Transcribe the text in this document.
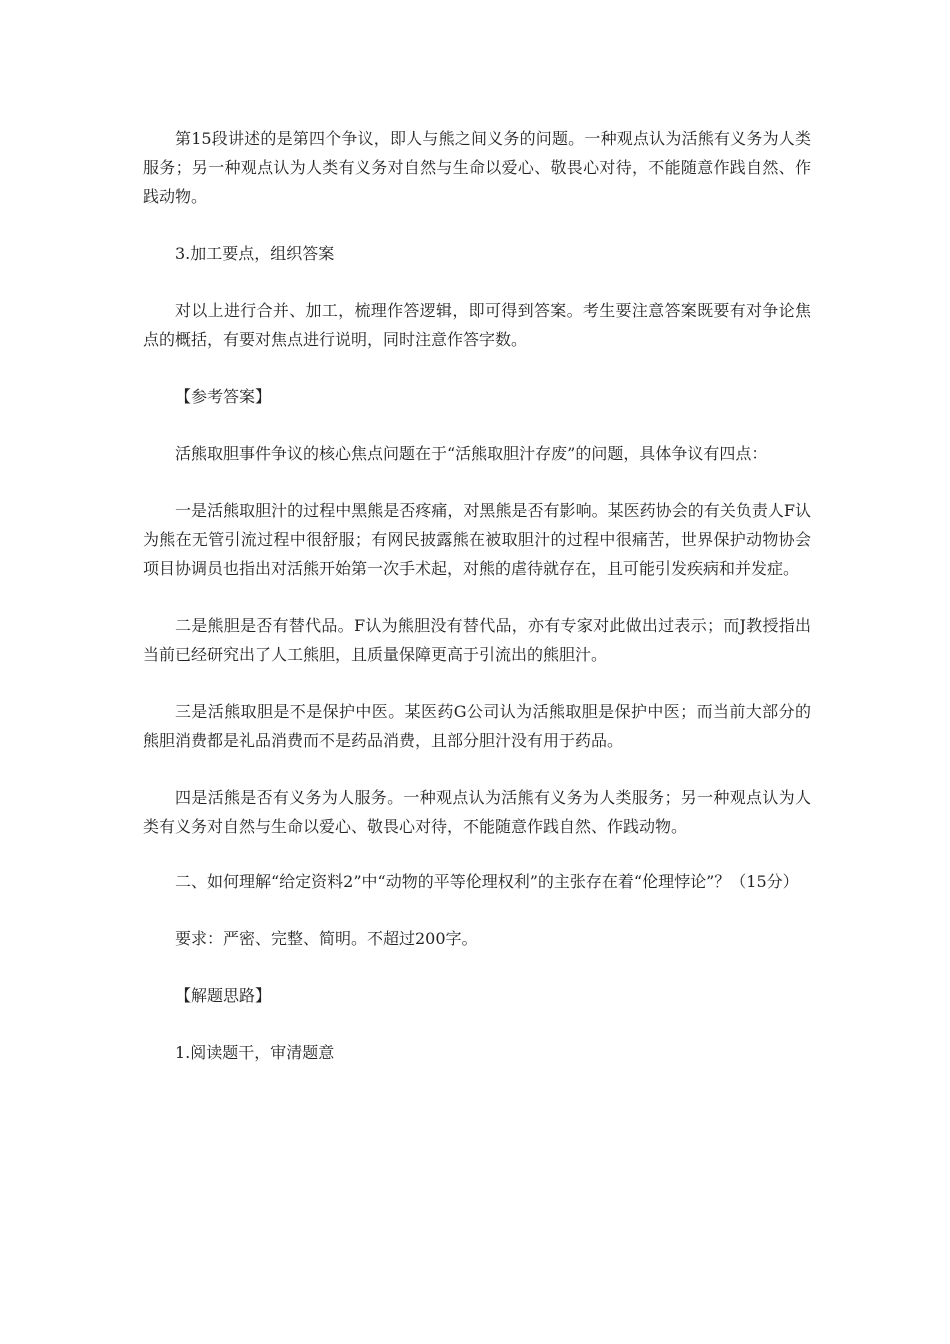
第15段讲述的是第四个争议，即人与熊之间义务的问题。一种观点认为活熊有义务为人类服务；另一种观点认为人类有义务对自然与生命以爱心、敬畏心对待，不能随意作践自然、作践动物。

3.加工要点，组织答案

对以上进行合并、加工，梳理作答逻辑，即可得到答案。考生要注意答案既要有对争论焦点的概括，有要对焦点进行说明，同时注意作答字数。

【参考答案】

活熊取胆事件争议的核心焦点问题在于“活熊取胆汁存废”的问题，具体争议有四点：

一是活熊取胆汁的过程中黑熊是否疼痛，对黑熊是否有影响。某医药协会的有关负责人F认为熊在无管引流过程中很舒服；有网民披露熊在被取胆汁的过程中很痛苦，世界保护动物协会项目协调员也指出对活熊开始第一次手术起，对熊的虐待就存在，且可能引发疾病和并发症。

二是熊胆是否有替代品。F认为熊胆没有替代品，亦有专家对此做出过表示；而J教授指出当前已经研究出了人工熊胆，且质量保障更高于引流出的熊胆汁。

三是活熊取胆是不是保护中医。某医药G公司认为活熊取胆是保护中医；而当前大部分的熊胆消费都是礼品消费而不是药品消费，且部分胆汁没有用于药品。

四是活熊是否有义务为人服务。一种观点认为活熊有义务为人类服务；另一种观点认为人类有义务对自然与生命以爱心、敬畏心对待，不能随意作践自然、作践动物。

二、如何理解“给定资料2”中“动物的平等伦理权利”的主张存在着“伦理悖论”？（15分）

要求：严密、完整、简明。不超过200字。

【解题思路】

1.阅读题干，审清题意
